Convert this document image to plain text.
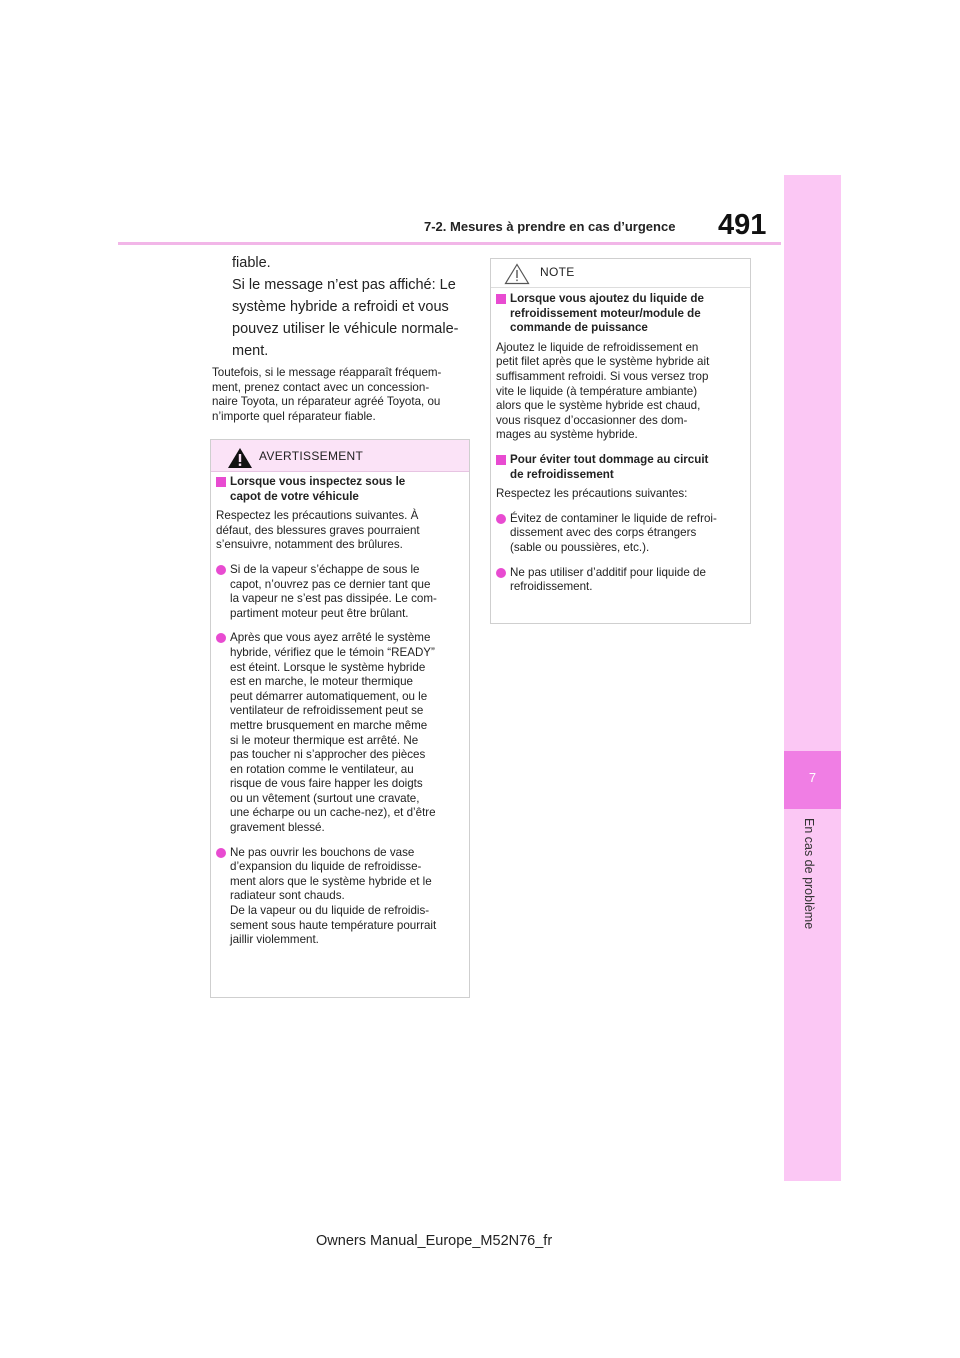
7-2. Mesures à prendre en cas d’urgence 491
7
En cas de problème

fiable.

Si le message n’est pas affiché: Le

système hybride a refroidi et vous

pouvez utiliser le véhicule normale-

ment.

Toutefois, si le message réapparaît fréquem-

ment, prenez contact avec un concession-

naire Toyota, un réparateur agréé Toyota, ou

n’importe quel réparateur fiable.

AVERTISSEMENT
Lorsque vous inspectez sous le
capot de votre véhicule
Respectez les précautions suivantes. À
défaut, des blessures graves pourraient
s’ensuivre, notamment des brûlures.
Si de la vapeur s’échappe de sous le
capot, n’ouvrez pas ce dernier tant que
la vapeur ne s’est pas dissipée. Le com-
partiment moteur peut être brûlant.
Après que vous ayez arrêté le système
hybride, vérifiez que le témoin “READY”
est éteint. Lorsque le système hybride
est en marche, le moteur thermique
peut démarrer automatiquement, ou le
ventilateur de refroidissement peut se
mettre brusquement en marche même
si le moteur thermique est arrêté. Ne
pas toucher ni s’approcher des pièces
en rotation comme le ventilateur, au
risque de vous faire happer les doigts
ou un vêtement (surtout une cravate,
une écharpe ou un cache-nez), et d’être
gravement blessé.
Ne pas ouvrir les bouchons de vase
d’expansion du liquide de refroidisse-
ment alors que le système hybride et le
radiateur sont chauds.
De la vapeur ou du liquide de refroidis-
sement sous haute température pourrait
jaillir violemment.
NOTE
Lorsque vous ajoutez du liquide de
refroidissement moteur/module de
commande de puissance
Ajoutez le liquide de refroidissement en
petit filet après que le système hybride ait
suffisamment refroidi. Si vous versez trop
vite le liquide (à température ambiante)
alors que le système hybride est chaud,
vous risquez d’occasionner des dom-
mages au système hybride.
Pour éviter tout dommage au circuit
de refroidissement
Respectez les précautions suivantes:
Évitez de contaminer le liquide de refroi-
dissement avec des corps étrangers
(sable ou poussières, etc.).
Ne pas utiliser d’additif pour liquide de
refroidissement.
Owners Manual_Europe_M52N76_fr
